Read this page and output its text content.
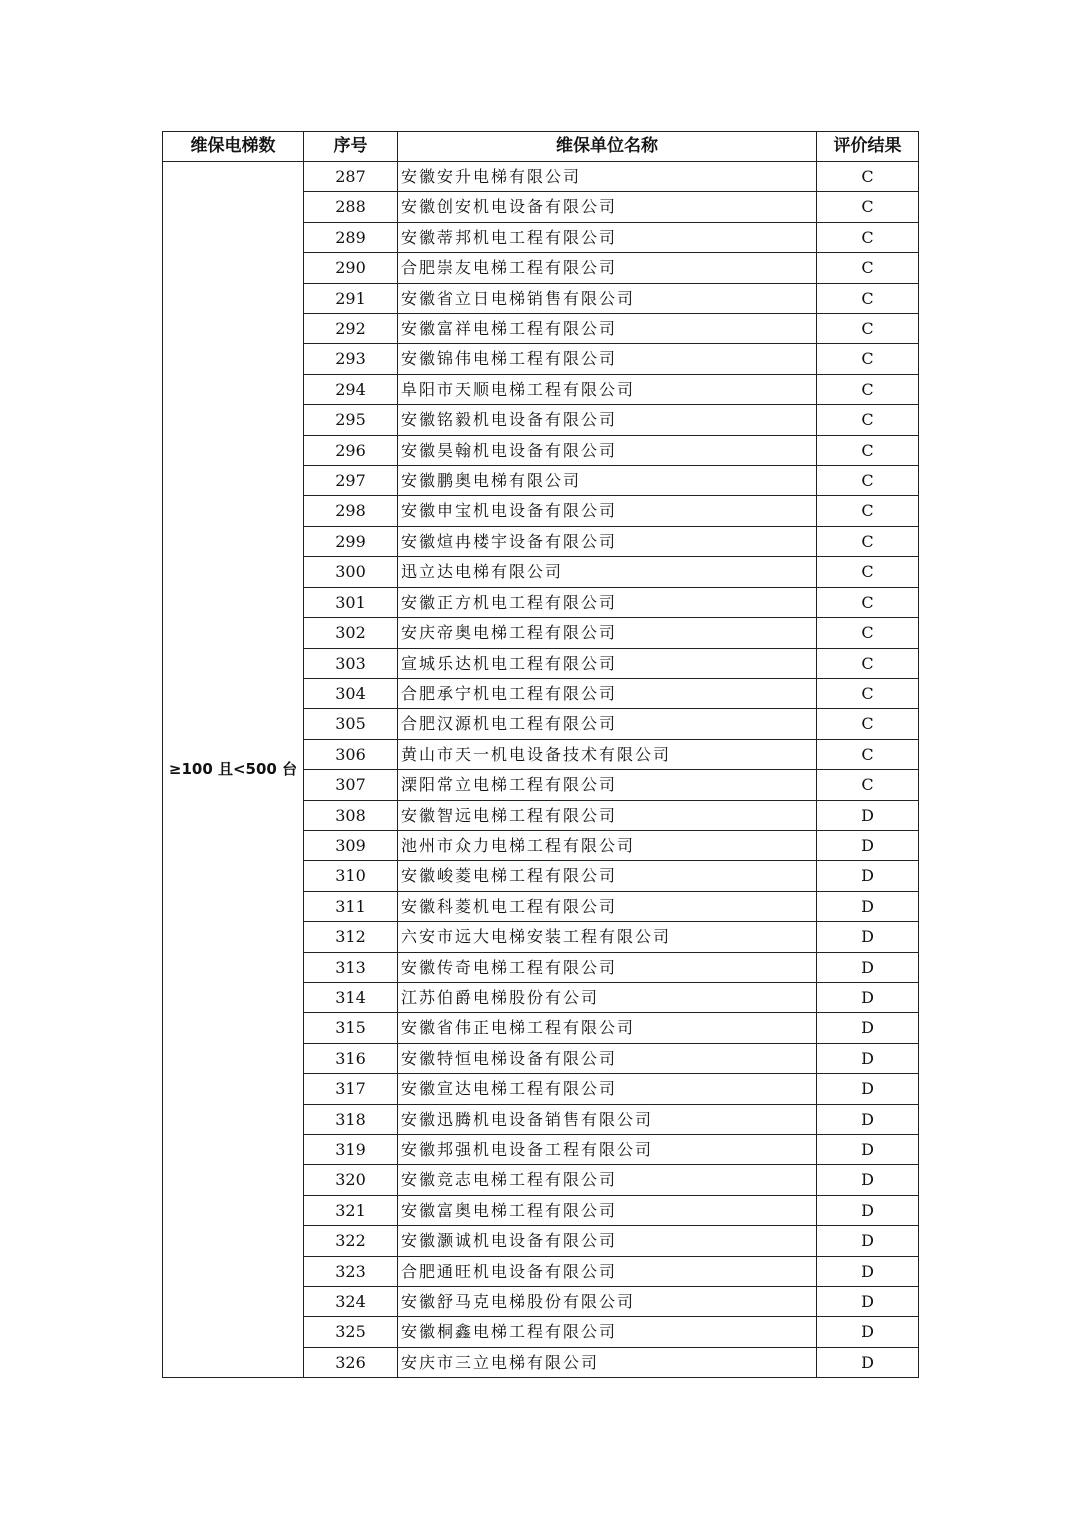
维保电梯数	序号	维保单位名称	评价结果
≥100 且<500 台	287	安徽安升电梯有限公司	C
	288	安徽创安机电设备有限公司	C
	289	安徽蒂邦机电工程有限公司	C
	290	合肥崇友电梯工程有限公司	C
	291	安徽省立日电梯销售有限公司	C
	292	安徽富祥电梯工程有限公司	C
	293	安徽锦伟电梯工程有限公司	C
	294	阜阳市天顺电梯工程有限公司	C
	295	安徽铭毅机电设备有限公司	C
	296	安徽昊翰机电设备有限公司	C
	297	安徽鹏奥电梯有限公司	C
	298	安徽申宝机电设备有限公司	C
	299	安徽煊冉楼宇设备有限公司	C
	300	迅立达电梯有限公司	C
	301	安徽正方机电工程有限公司	C
	302	安庆帝奥电梯工程有限公司	C
	303	宣城乐达机电工程有限公司	C
	304	合肥承宁机电工程有限公司	C
	305	合肥汉源机电工程有限公司	C
	306	黄山市天一机电设备技术有限公司	C
	307	溧阳常立电梯工程有限公司	C
	308	安徽智远电梯工程有限公司	D
	309	池州市众力电梯工程有限公司	D
	310	安徽峻菱电梯工程有限公司	D
	311	安徽科菱机电工程有限公司	D
	312	六安市远大电梯安装工程有限公司	D
	313	安徽传奇电梯工程有限公司	D
	314	江苏伯爵电梯股份有公司	D
	315	安徽省伟正电梯工程有限公司	D
	316	安徽特恒电梯设备有限公司	D
	317	安徽宣达电梯工程有限公司	D
	318	安徽迅腾机电设备销售有限公司	D
	319	安徽邦强机电设备工程有限公司	D
	320	安徽竞志电梯工程有限公司	D
	321	安徽富奥电梯工程有限公司	D
	322	安徽灏诚机电设备有限公司	D
	323	合肥通旺机电设备有限公司	D
	324	安徽舒马克电梯股份有限公司	D
	325	安徽桐鑫电梯工程有限公司	D
	326	安庆市三立电梯有限公司	D
